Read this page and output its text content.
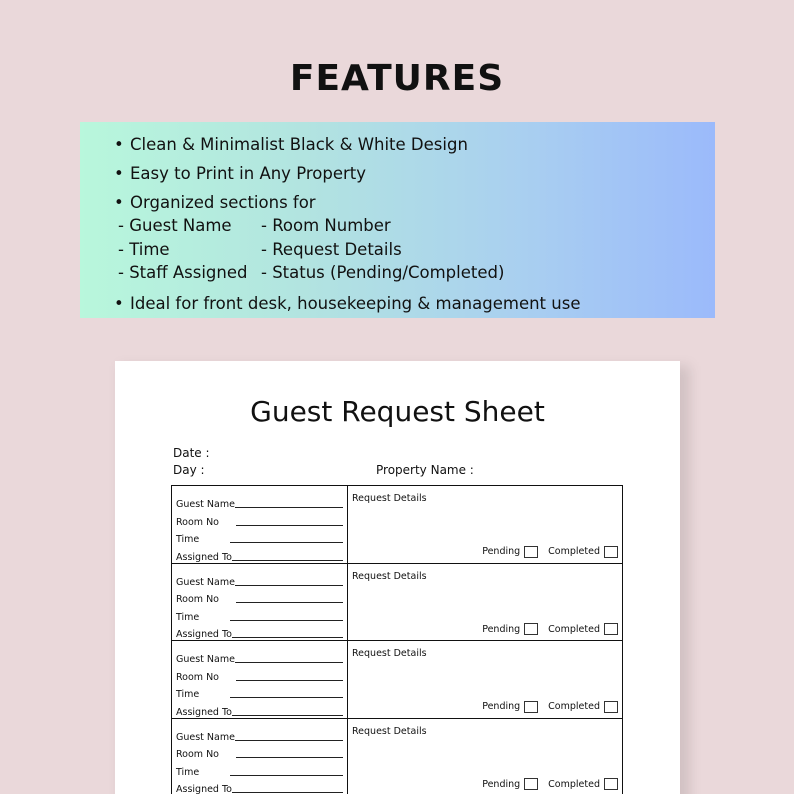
FEATURES
• Clean & Minimalist Black & White Design
• Easy to Print in Any Property
• Organized sections for
- Guest Name	- Room Number
- Time	- Request Details
- Staff Assigned - Status (Pending/Completed)
• Ideal for front desk, housekeeping & management use
Guest Request Sheet
Date :
Day :	Property Name :
Guest Name
Room No
Time
Assigned To
Request Details
Pending	Completed
Guest Name
Room No
Time
Assigned To
Request Details
Pending	Completed
Guest Name
Room No
Time
Assigned To
Request Details
Pending	Completed
Guest Name
Room No
Time
Assigned To
Request Details
Pending	Completed
